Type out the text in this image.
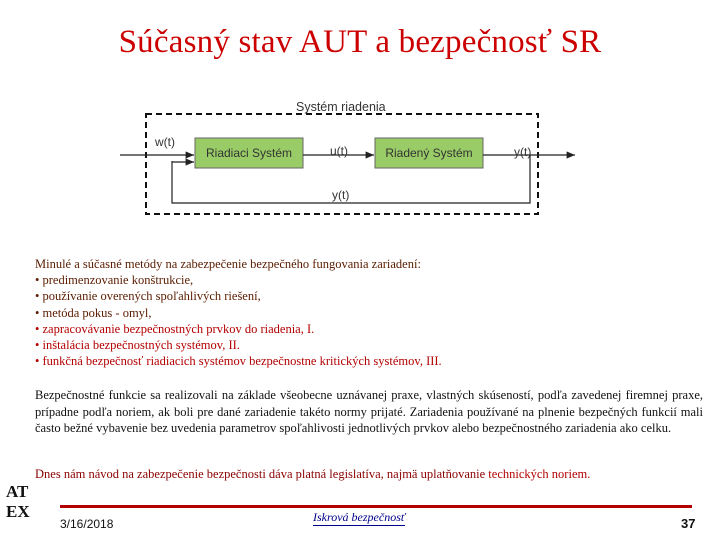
Súčasný stav AUT a bezpečnosť SR
Systém riadenia
w(t)
Riadiaci Systém	u(t)	Riadený Systém	y(t)
y(t)
Minulé a súčasné metódy na zabezpečenie bezpečného fungovania zariadení:
• predimenzovanie konštrukcie,
• používanie overených spoľahlivých riešení,
• metóda pokus - omyl,
• zapracovávanie bezpečnostných prvkov do riadenia, I.
• inštalácia bezpečnostných systémov, II.
• funkčná bezpečnosť riadiacich systémov bezpečnostne kritických systémov, III.
Bezpečnostné funkcie sa realizovali na základe všeobecne uznávanej praxe, vlastných skúseností, podľa zavedenej firemnej praxe, prípadne podľa noriem, ak boli pre dané zariadenie takéto normy prijaté. Zariadenia používané na plnenie bezpečných funkcií mali často bežné vybavenie bez uvedenia parametrov spoľahlivosti jednotlivých prvkov alebo bezpečnostného zariadenia ako celku.
Dnes nám návod na zabezpečenie bezpečnosti dáva platná legislatíva, najmä uplatňovanie technických noriem.
AT
EX
3/16/2018	Iskrová bezpečnosť	37
